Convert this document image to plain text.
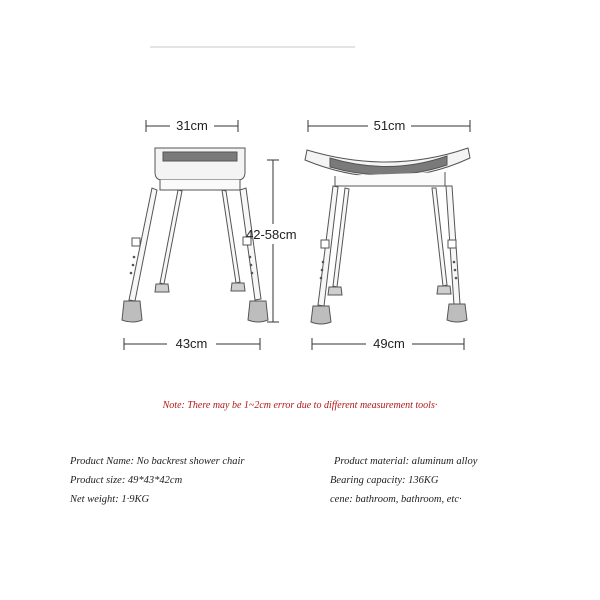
31cm	51cm
42-58cm
43cm	49cm
Note: There may be 1~2cm error due to different measurement tools·
Product Name: No backrest shower chair	Product material: aluminum alloy
Product size: 49*43*42cm	Bearing capacity: 136KG
Net weight: 1·9KG	cene: bathroom, bathroom, etc·
